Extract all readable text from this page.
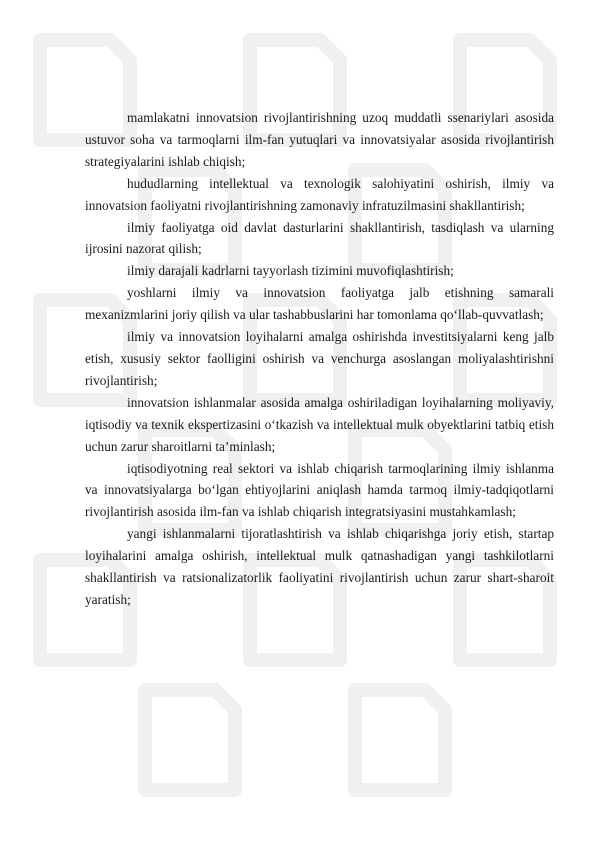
mamlakatni innovatsion rivojlantirishning uzoq muddatli ssenariylari asosida ustuvor soha va tarmoqlarni ilm-fan yutuqlari va innovatsiyalar asosida rivojlantirish strategiyalarini ishlab chiqish;

hududlarning intellektual va texnologik salohiyatini oshirish, ilmiy va innovatsion faoliyatni rivojlantirishning zamonaviy infratuzilmasini shakllantirish;

ilmiy faoliyatga oid davlat dasturlarini shakllantirish, tasdiqlash va ularning ijrosini nazorat qilish;

ilmiy darajali kadrlarni tayyorlash tizimini muvofiqlashtirish;

yoshlarni ilmiy va innovatsion faoliyatga jalb etishning samarali mexanizmlarini joriy qilish va ular tashabbuslarini har tomonlama qo‘llab-quvvatlash;

ilmiy va innovatsion loyihalarni amalga oshirishda investitsiyalarni keng jalb etish, xususiy sektor faolligini oshirish va venchurga asoslangan moliyalashtirishni rivojlantirish;

innovatsion ishlanmalar asosida amalga oshiriladigan loyihalarning moliyaviy, iqtisodiy va texnik ekspertizasini o‘tkazish va intellektual mulk obyektlarini tatbiq etish uchun zarur sharoitlarni ta’minlash;

iqtisodiyotning real sektori va ishlab chiqarish tarmoqlarining ilmiy ishlanma va innovatsiyalarga bo‘lgan ehtiyojlarini aniqlash hamda tarmoq ilmiy-tadqiqotlarni rivojlantirish asosida ilm-fan va ishlab chiqarish integratsiyasini mustahkamlash;

yangi ishlanmalarni tijoratlashtirish va ishlab chiqarishga joriy etish, startap loyihalarini amalga oshirish, intellektual mulk qatnashadigan yangi tashkilotlarni shakllantirish va ratsionalizatorlik faoliyatini rivojlantirish uchun zarur shart-sharoit yaratish;
